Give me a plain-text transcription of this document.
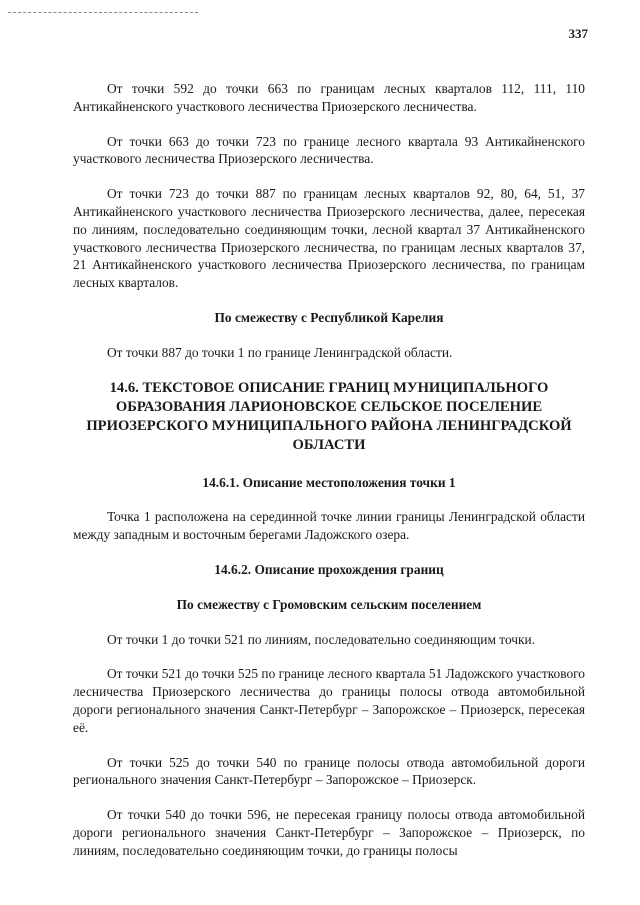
337

От точки 592 до точки 663 по границам лесных кварталов 112, 111, 110 Антикайненского участкового лесничества Приозерского лесничества.

От точки 663 до точки 723 по границе лесного квартала 93 Антикайненского участкового лесничества Приозерского лесничества.

От точки 723 до точки 887 по границам лесных кварталов 92, 80, 64, 51, 37 Антикайненского участкового лесничества Приозерского лесничества, далее, пересекая по линиям, последовательно соединяющим точки, лесной квартал 37 Антикайненского участкового лесничества Приозерского лесничества, по границам лесных кварталов 37, 21 Антикайненского участкового лесничества Приозерского лесничества, по границам лесных кварталов.

По смежеству с Республикой Карелия

От точки 887 до точки 1 по границе Ленинградской области.

14.6. ТЕКСТОВОЕ ОПИСАНИЕ ГРАНИЦ МУНИЦИПАЛЬНОГО ОБРАЗОВАНИЯ ЛАРИОНОВСКОЕ СЕЛЬСКОЕ ПОСЕЛЕНИЕ ПРИОЗЕРСКОГО МУНИЦИПАЛЬНОГО РАЙОНА ЛЕНИНГРАДСКОЙ ОБЛАСТИ
14.6.1. Описание местоположения точки 1

Точка 1 расположена на серединной точке линии границы Ленинградской области между западным и восточным берегами Ладожского озера.

14.6.2. Описание прохождения границ
По смежеству с Громовским сельским поселением

От точки 1 до точки 521 по линиям, последовательно соединяющим точки.

От точки 521 до точки 525 по границе лесного квартала 51 Ладожского участкового лесничества Приозерского лесничества до границы полосы отвода автомобильной дороги регионального значения Санкт-Петербург – Запорожское – Приозерск, пересекая её.

От точки 525 до точки 540 по границе полосы отвода автомобильной дороги регионального значения Санкт-Петербург – Запорожское – Приозерск.

От точки 540 до точки 596, не пересекая границу полосы отвода автомобильной дороги регионального значения Санкт-Петербург – Запорожское – Приозерск, по линиям, последовательно соединяющим точки, до границы полосы
